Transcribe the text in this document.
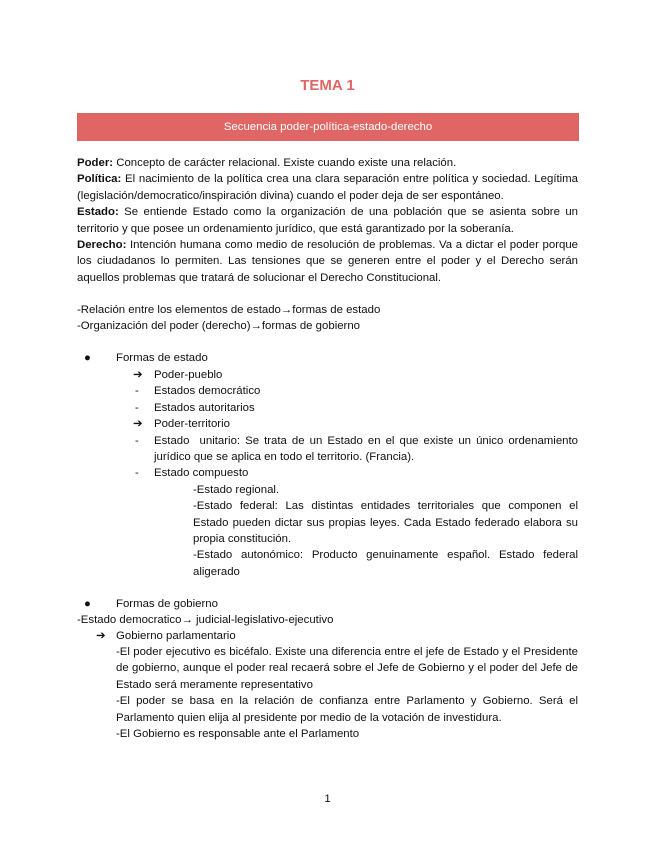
TEMA 1
Secuencia poder-política-estado-derecho
Poder: Concepto de carácter relacional. Existe cuando existe una relación.
Política: El nacimiento de la política crea una clara separación entre política y sociedad. Legítima (legislación/democratico/inspiración divina) cuando el poder deja de ser espontáneo.
Estado: Se entiende Estado como la organización de una población que se asienta sobre un territorio y que posee un ordenamiento jurídico, que está garantizado por la soberanía.
Derecho: Intención humana como medio de resolución de problemas. Va a dictar el poder porque los ciudadanos lo permiten. Las tensiones que se generen entre el poder y el Derecho serán aquellos problemas que tratará de solucionar el Derecho Constitucional.
-Relación entre los elementos de estado→formas de estado
-Organización del poder (derecho)→formas de gobierno
● Formas de estado
➔ Poder-pueblo
- Estados democrático
- Estados autoritarios
➔ Poder-territorio
- Estado  unitario: Se trata de un Estado en el que existe un único ordenamiento jurídico que se aplica en todo el territorio. (Francia).
- Estado compuesto
-Estado regional.
-Estado federal: Las distintas entidades territoriales que componen el Estado pueden dictar sus propias leyes. Cada Estado federado elabora su propia constitución.
-Estado autonómico: Producto genuinamente español. Estado federal aligerado
● Formas de gobierno
-Estado democratico→ judicial-legislativo-ejecutivo
➔ Gobierno parlamentario
-El poder ejecutivo es bicéfalo. Existe una diferencia entre el jefe de Estado y el Presidente de gobierno, aunque el poder real recaerá sobre el Jefe de Gobierno y el poder del Jefe de Estado será meramente representativo
-El poder se basa en la relación de confianza entre Parlamento y Gobierno. Será el Parlamento quien elija al presidente por medio de la votación de investidura.
-El Gobierno es responsable ante el Parlamento
1
